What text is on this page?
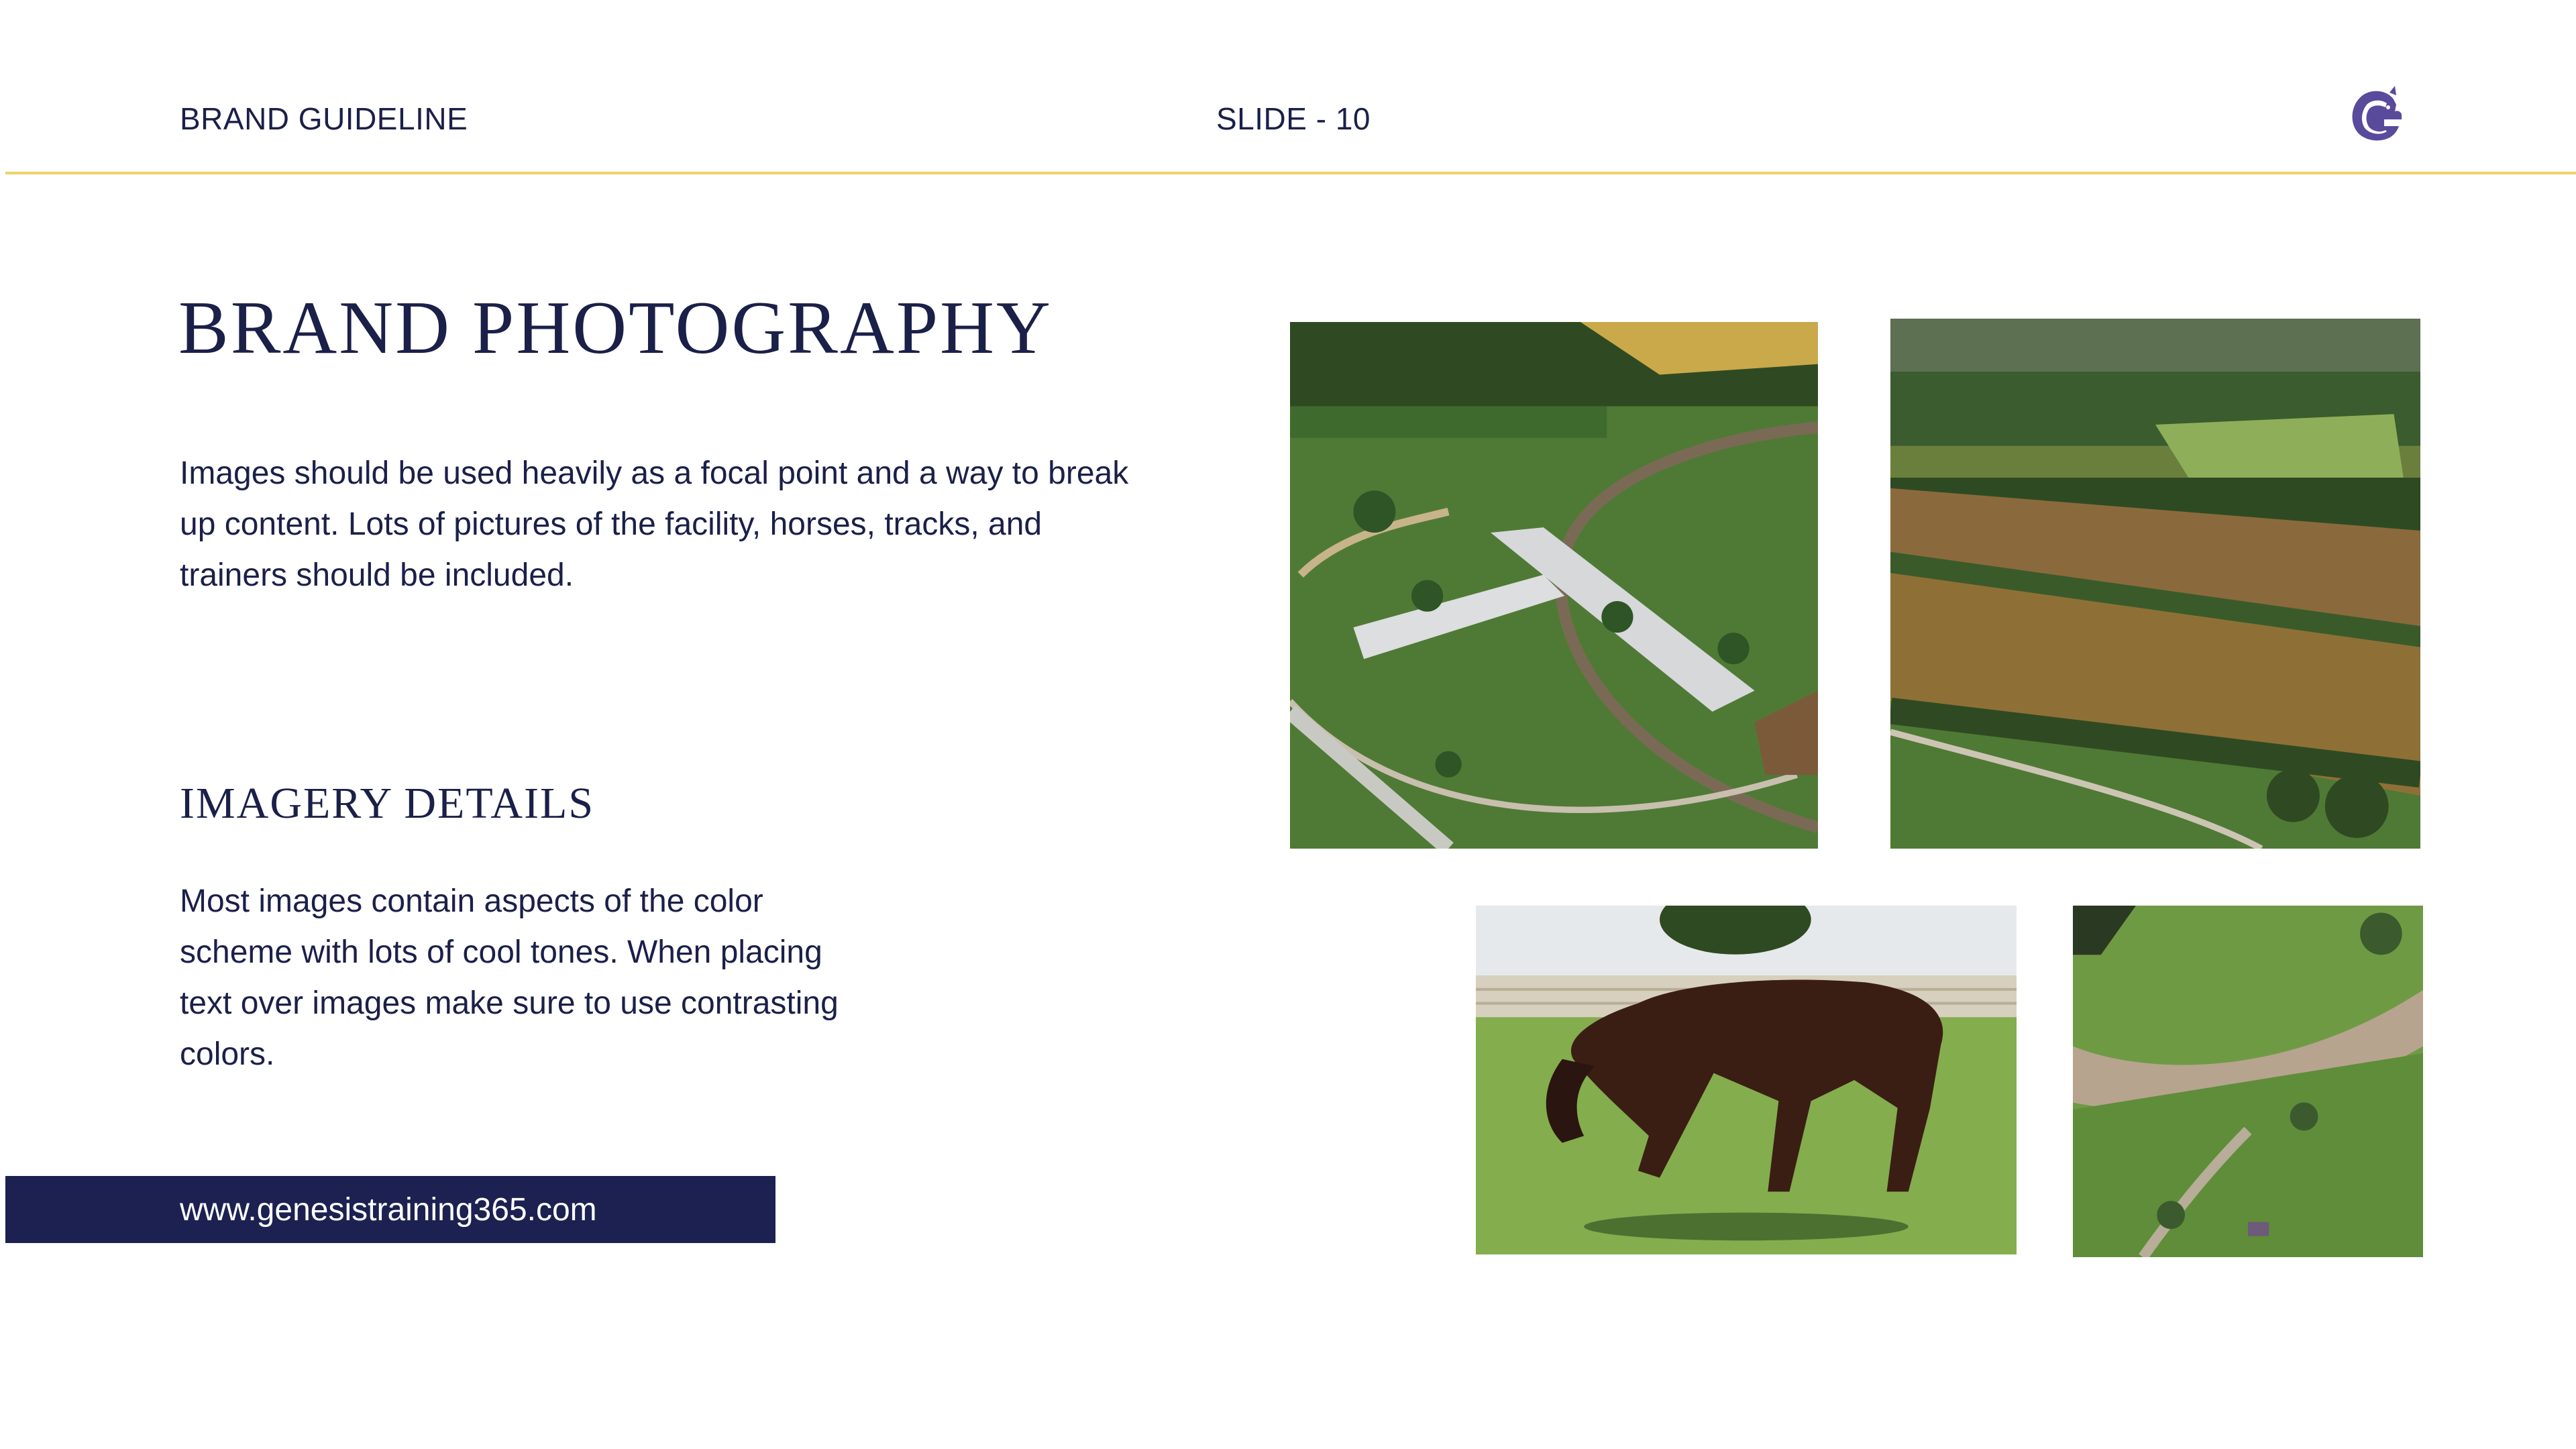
BRAND GUIDELINE	SLIDE - 10
BRAND PHOTOGRAPHY

Images should be used heavily as a focal point and a way to break up content. Lots of pictures of the facility, horses, tracks, and trainers should be included.

IMAGERY DETAILS

Most images contain aspects of the color scheme with lots of cool tones. When placing text over images make sure to use contrasting colors.

www.genesistraining365.com
